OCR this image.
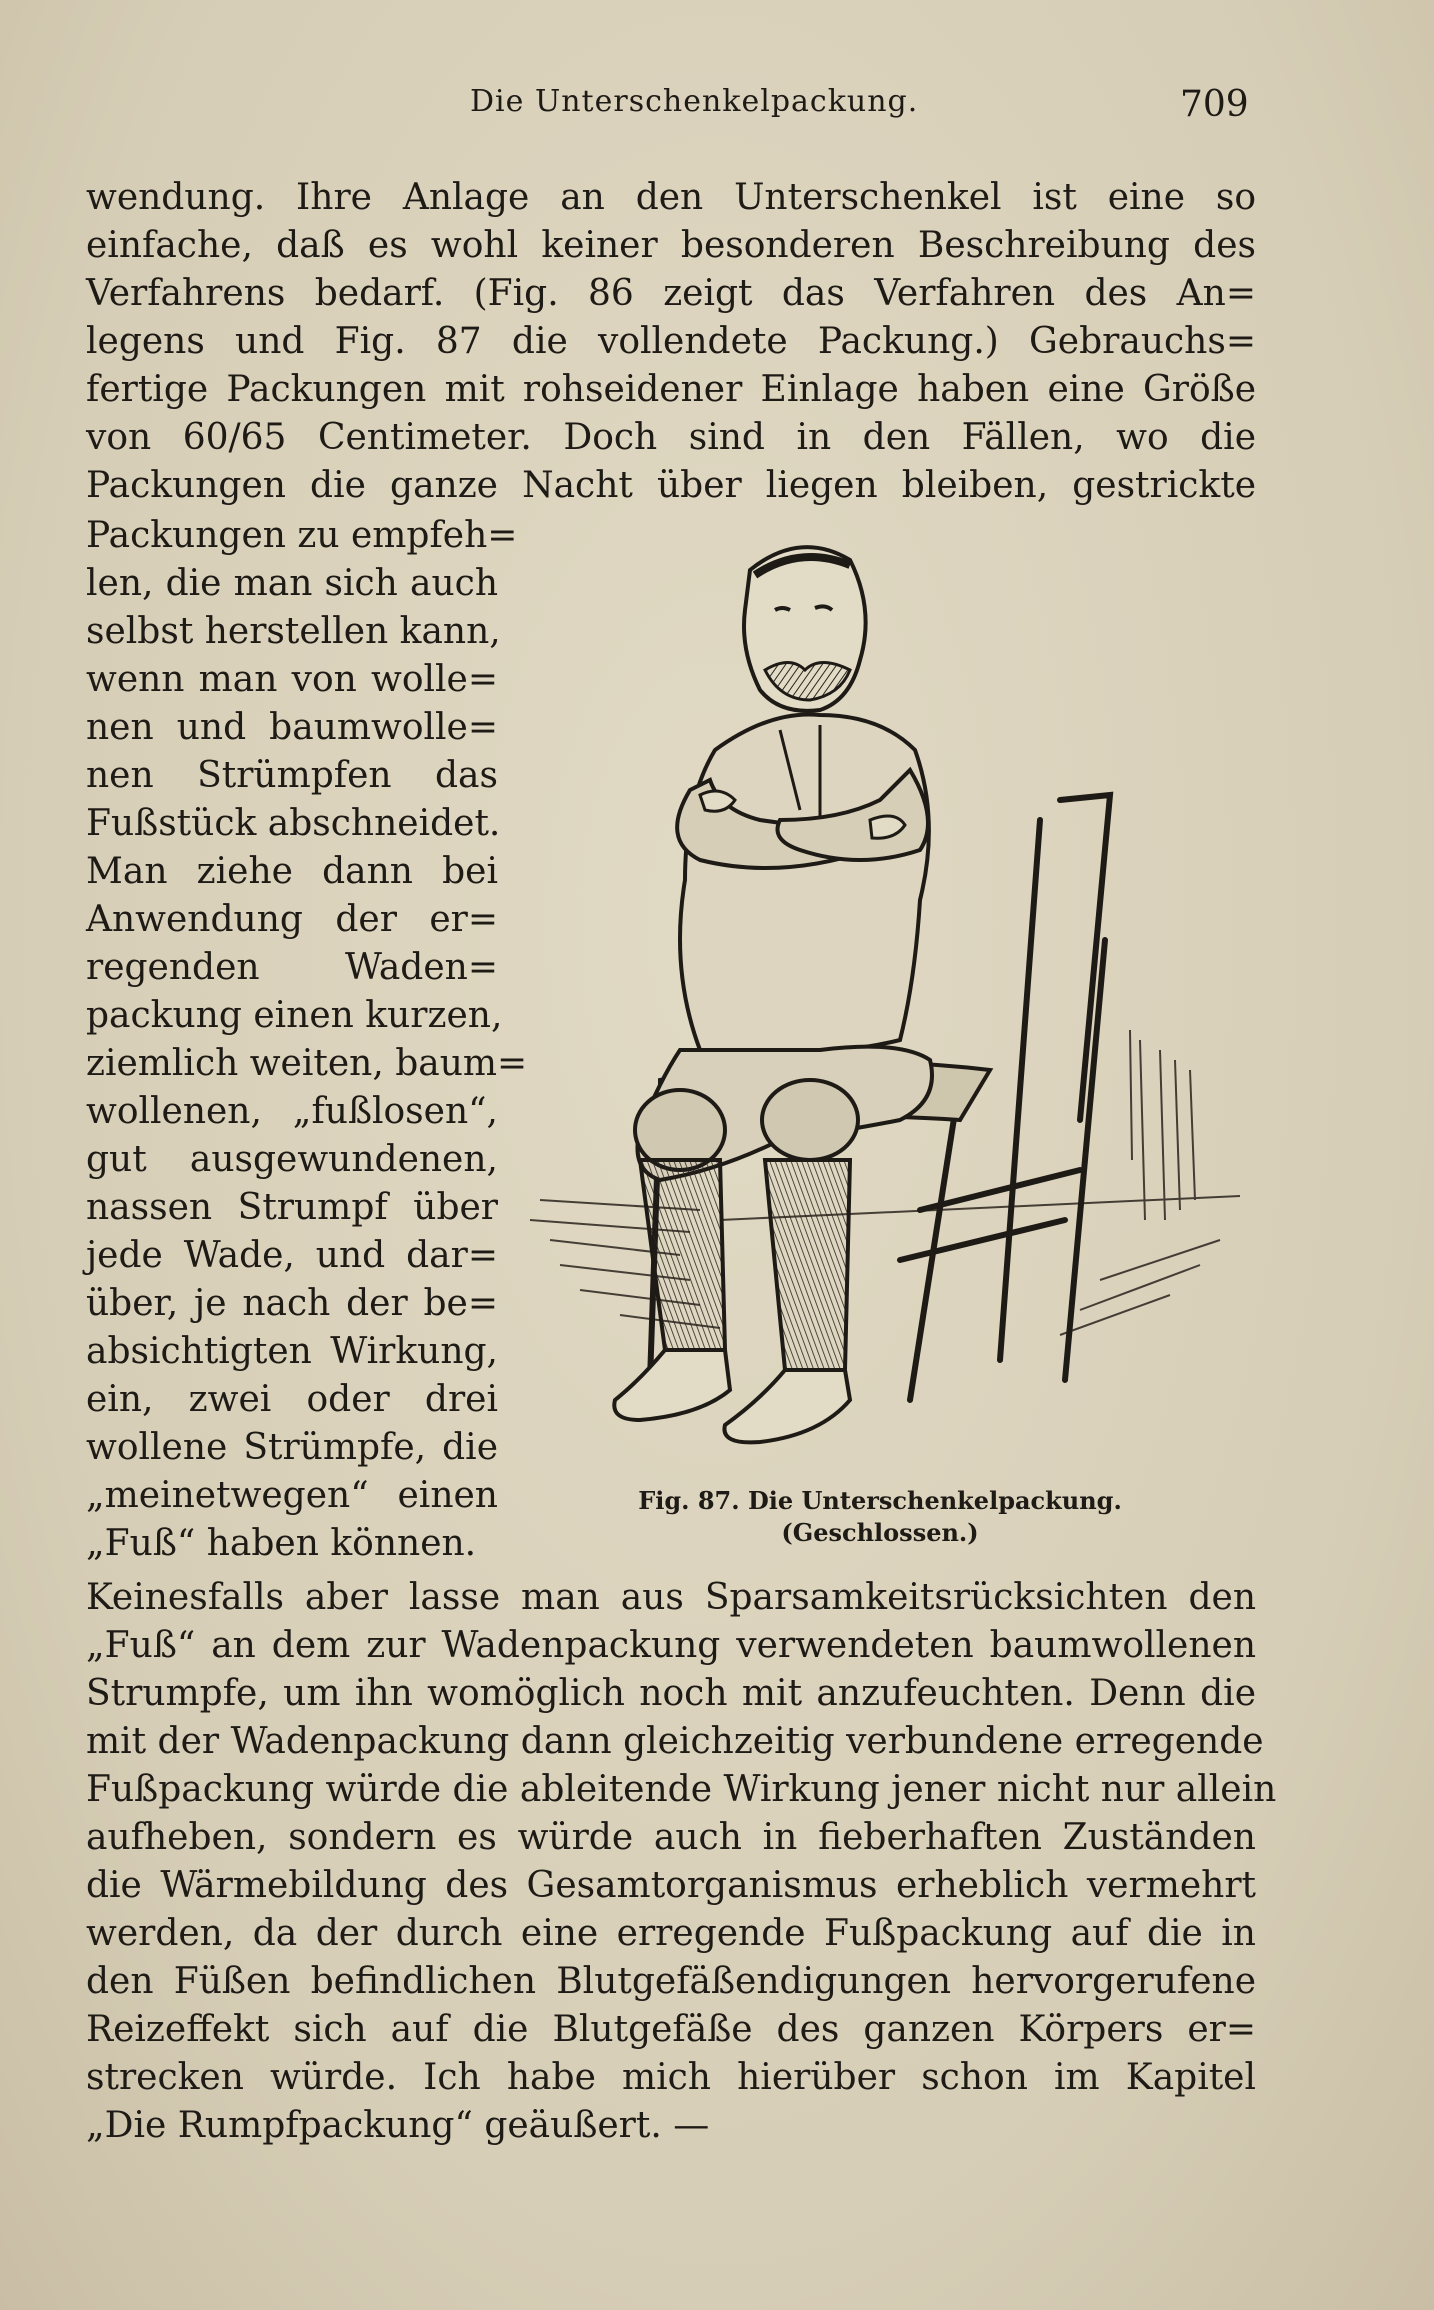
Die Unterschenkelpackung.	709
wendung. Ihre Anlage an den Unterschenkel ist eine so
einfache, daß es wohl keiner besonderen Beschreibung des
Verfahrens bedarf. (Fig. 86 zeigt das Verfahren des An=
legens und Fig. 87 die vollendete Packung.) Gebrauchs=
fertige Packungen mit rohseidener Einlage haben eine Größe
von 60/65 Centimeter. Doch sind in den Fällen, wo die
Packungen die ganze Nacht über liegen bleiben, gestrickte
Packungen zu empfeh=
len, die man sich auch
selbst herstellen kann,
wenn man von wolle=
nen und baumwolle=
nen Strümpfen das
Fußstück abschneidet.
Man ziehe dann bei
Anwendung der er=
regenden Waden=
packung einen kurzen,
ziemlich weiten, baum=
wollenen, „fußlosen“,
gut ausgewundenen,
nassen Strumpf über
jede Wade, und dar=
über, je nach der be=
absichtigten Wirkung,
ein, zwei oder drei
wollene Strümpfe, die
„meinetwegen“ einen
„Fuß“ haben können.
Fig. 87. Die Unterschenkelpackung.
(Geschlossen.)
Keinesfalls aber lasse man aus Sparsamkeitsrücksichten den
„Fuß“ an dem zur Wadenpackung verwendeten baumwollenen
Strumpfe, um ihn womöglich noch mit anzufeuchten. Denn die
mit der Wadenpackung dann gleichzeitig verbundene erregende
Fußpackung würde die ableitende Wirkung jener nicht nur allein
aufheben, sondern es würde auch in fieberhaften Zuständen
die Wärmebildung des Gesamtorganismus erheblich vermehrt
werden, da der durch eine erregende Fußpackung auf die in
den Füßen befindlichen Blutgefäßendigungen hervorgerufene
Reizeffekt sich auf die Blutgefäße des ganzen Körpers er=
strecken würde. Ich habe mich hierüber schon im Kapitel
„Die Rumpfpackung“ geäußert. —
